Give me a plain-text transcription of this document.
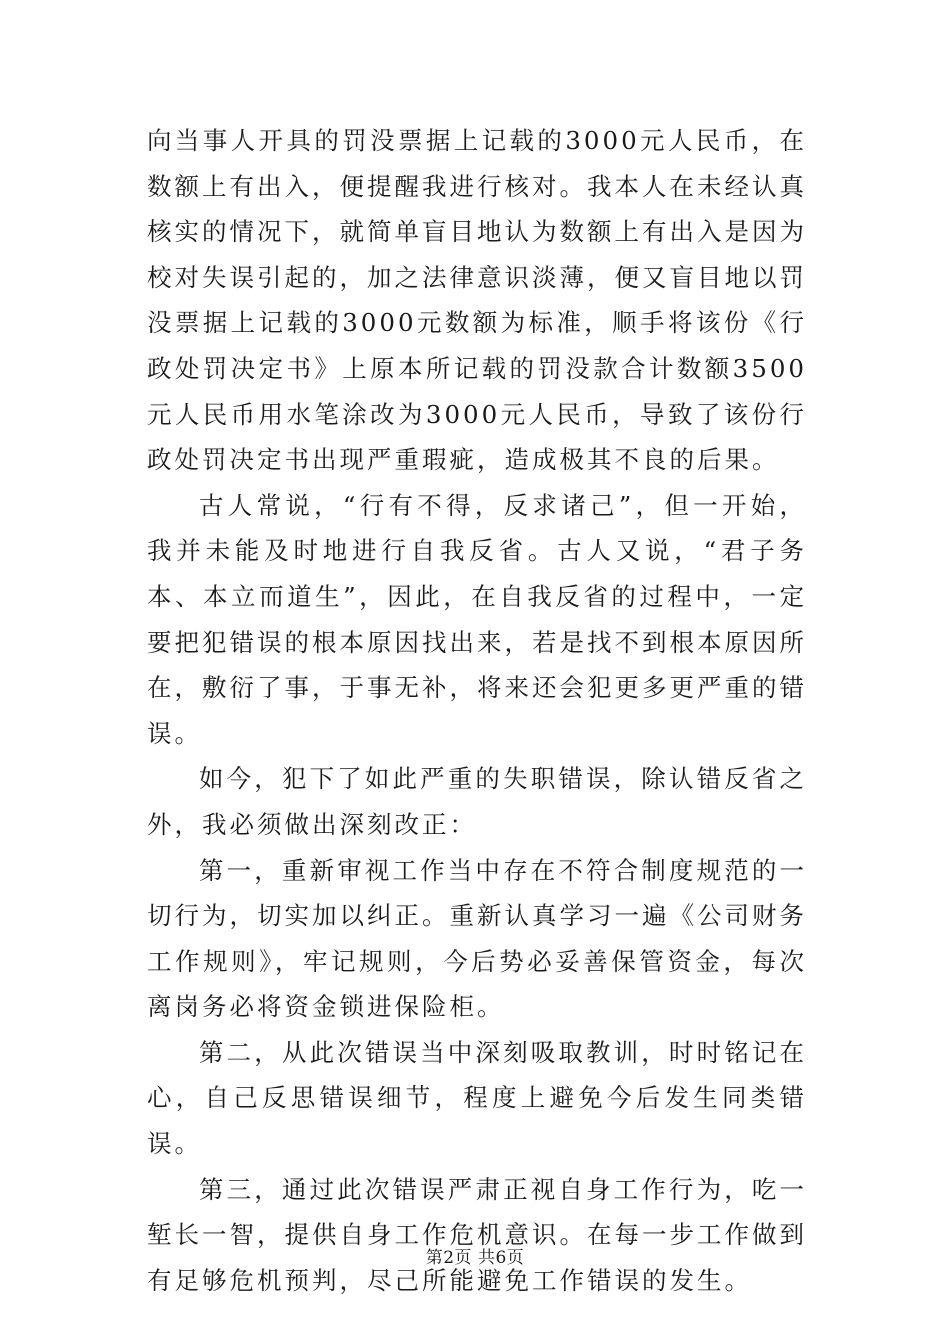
向当事人开具的罚没票据上记载的3000元人民币，在数额上有出入，便提醒我进行核对。我本人在未经认真核实的情况下，就简单盲目地认为数额上有出入是因为校对失误引起的，加之法律意识淡薄，便又盲目地以罚没票据上记载的3000元数额为标准，顺手将该份《行政处罚决定书》上原本所记载的罚没款合计数额3500元人民币用水笔涂改为3000元人民币，导致了该份行政处罚决定书出现严重瑕疵，造成极其不良的后果。

古人常说，“行有不得，反求诸己”，但一开始，我并未能及时地进行自我反省。古人又说，“君子务本、本立而道生”，因此，在自我反省的过程中，一定要把犯错误的根本原因找出来，若是找不到根本原因所在，敷衍了事，于事无补，将来还会犯更多更严重的错误。

如今，犯下了如此严重的失职错误，除认错反省之外，我必须做出深刻改正：

第一，重新审视工作当中存在不符合制度规范的一切行为，切实加以纠正。重新认真学习一遍《公司财务工作规则》，牢记规则，今后势必妥善保管资金，每次离岗务必将资金锁进保险柜。

第二，从此次错误当中深刻吸取教训，时时铭记在心，自己反思错误细节，程度上避免今后发生同类错误。

第三，通过此次错误严肃正视自身工作行为，吃一堑长一智，提供自身工作危机意识。在每一步工作做到有足够危机预判，尽己所能避免工作错误的发生。

第2页 共6页
